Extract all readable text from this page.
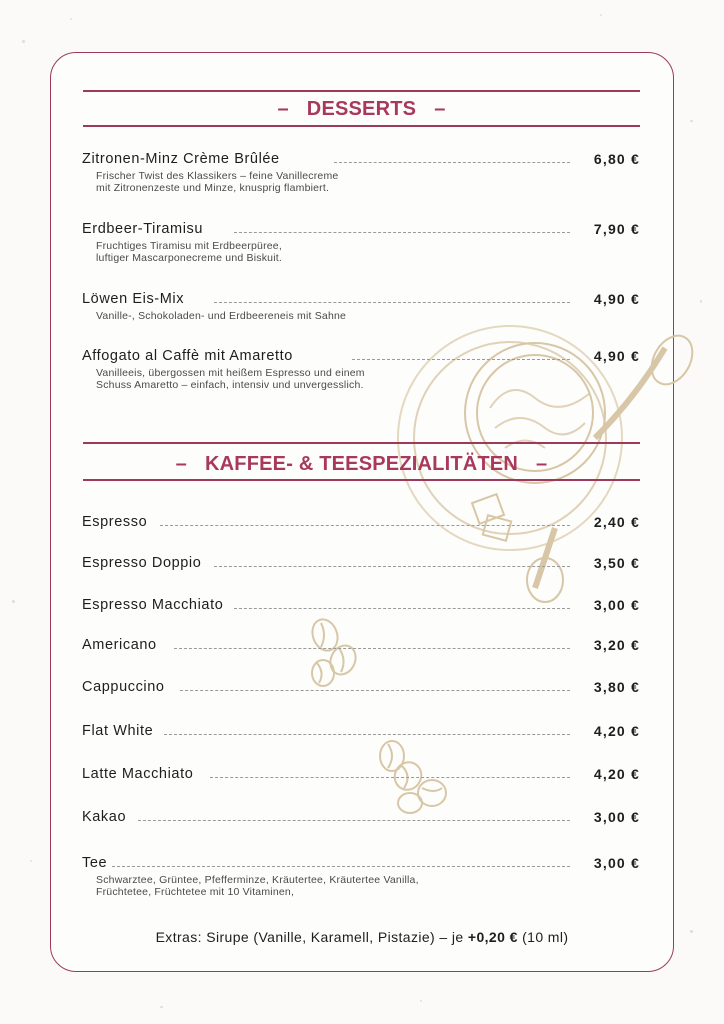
– DESSERTS –
Zitronen-Minz Crème Brûlée	6,80 €
Frischer Twist des Klassikers – feine Vanillecreme
mit Zitronenzeste und Minze, knusprig flambiert.
Erdbeer-Tiramisu	7,90 €
Fruchtiges Tiramisu mit Erdbeerpüree,
luftiger Mascarponecreme und Biskuit.
Löwen Eis-Mix	4,90 €
Vanille-, Schokoladen- und Erdbeereneis mit Sahne
Affogato al Caffè mit Amaretto	4,90 €
Vanilleeis, übergossen mit heißem Espresso und einem
Schuss Amaretto – einfach, intensiv und unvergesslich.
– KAFFEE- & TEESPEZIALITÄTEN –
Espresso	2,40 €
Espresso Doppio	3,50 €
Espresso Macchiato	3,00 €
Americano	3,20 €
Cappuccino	3,80 €
Flat White	4,20 €
Latte Macchiato	4,20 €
Kakao	3,00 €
Tee	3,00 €
Schwarztee, Grüntee, Pfefferminze, Kräutertee, Kräutertee Vanilla,
Früchtetee, Früchtetee mit 10 Vitaminen,
Extras: Sirupe (Vanille, Karamell, Pistazie) – je +0,20 € (10 ml)
